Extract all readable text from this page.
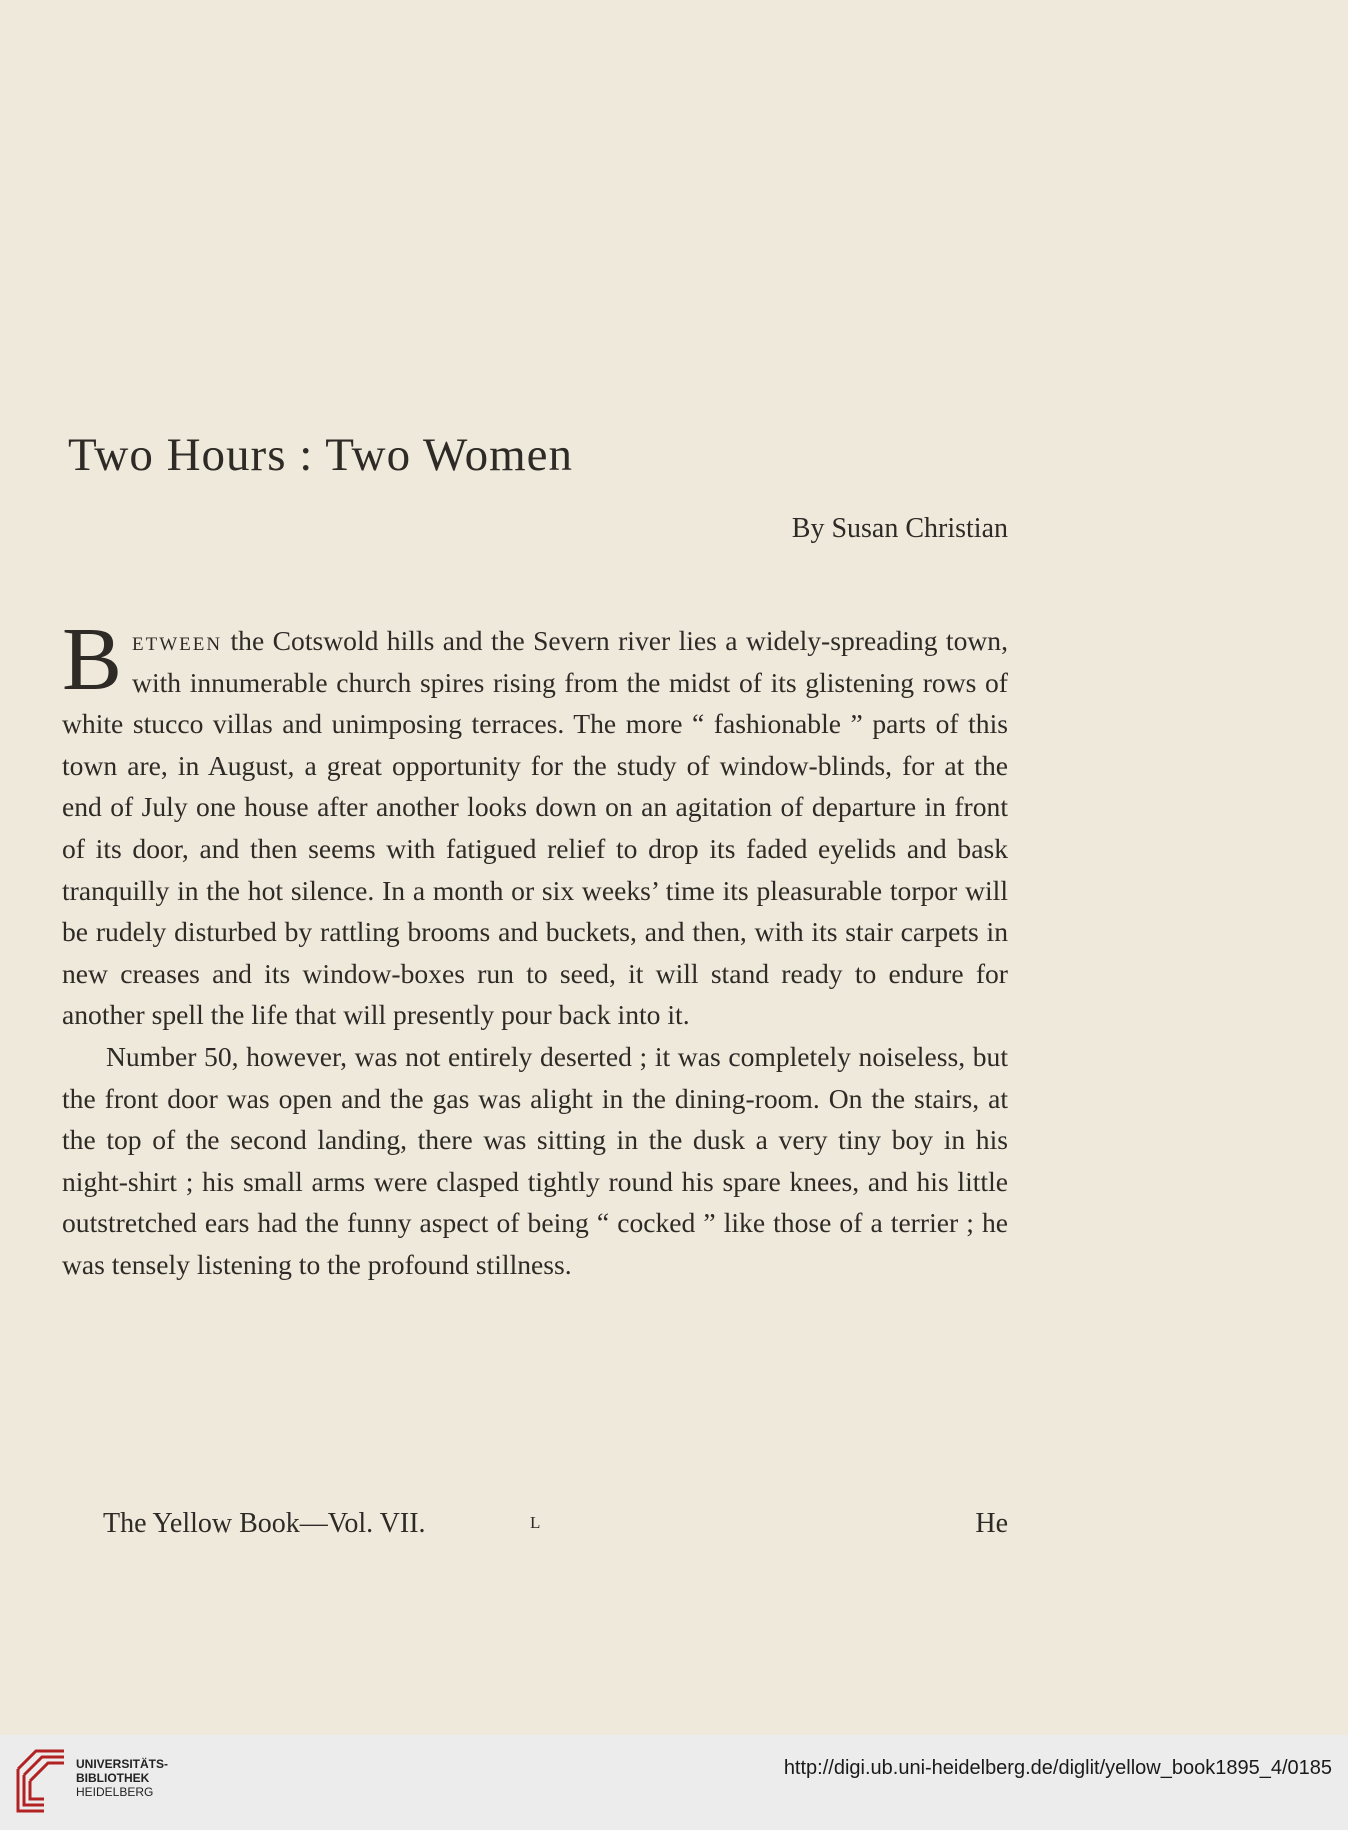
Two Hours : Two Women
By Susan Christian

Between the Cotswold hills and the Severn river lies a widely-spreading town, with innumerable church spires rising from the midst of its glistening rows of white stucco villas and unimposing terraces. The more “ fashionable ” parts of this town are, in August, a great opportunity for the study of window-blinds, for at the end of July one house after another looks down on an agitation of departure in front of its door, and then seems with fatigued relief to drop its faded eyelids and bask tranquilly in the hot silence. In a month or six weeks’ time its pleasurable torpor will be rudely disturbed by rattling brooms and buckets, and then, with its stair carpets in new creases and its window-boxes run to seed, it will stand ready to endure for another spell the life that will presently pour back into it.

Number 50, however, was not entirely deserted ; it was completely noiseless, but the front door was open and the gas was alight in the dining-room. On the stairs, at the top of the second landing, there was sitting in the dusk a very tiny boy in his night-shirt ; his small arms were clasped tightly round his spare knees, and his little outstretched ears had the funny aspect of being “ cocked ” like those of a terrier ; he was tensely listening to the profound stillness.

The Yellow Book—Vol. VII.	l	He
UNIVERSITÄTS-
BIBLIOTHEK
HEIDELBERG
http://digi.ub.uni-heidelberg.de/diglit/yellow_book1895_4/0185
